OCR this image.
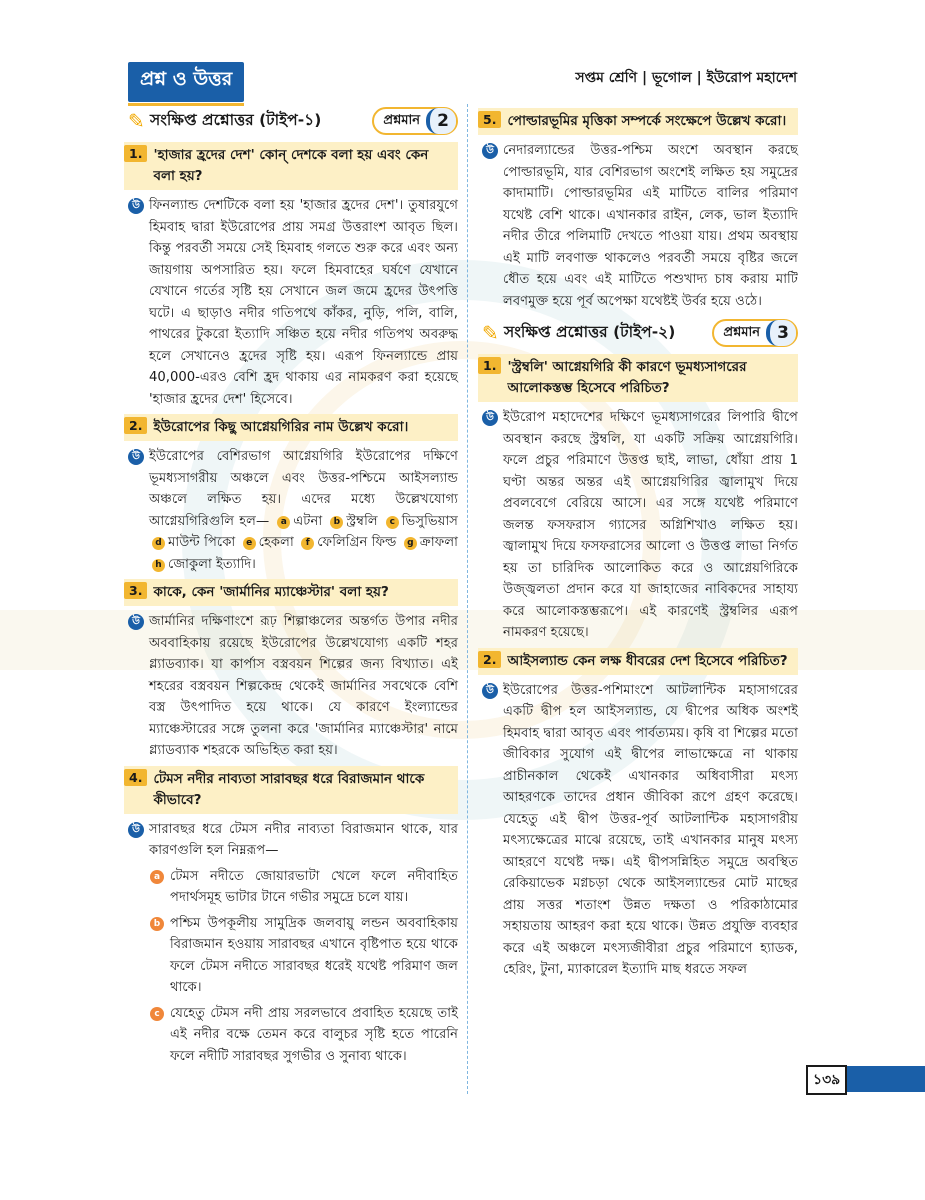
প্রশ্ন ও উত্তর	সপ্তম শ্রেণি | ভূগোল | ইউরোপ মহাদেশ
✎ সংক্ষিপ্ত প্রশ্নোত্তর (টাইপ-১)	প্রশ্নমান	2
1. 'হাজার হ্রদের দেশ' কোন্ দেশকে বলা হয় এবং কেন বলা হয়?
উ ফিনল্যান্ড দেশটিকে বলা হয় 'হাজার হ্রদের দেশ'। তুষারযুগে হিমবাহ দ্বারা ইউরোপের প্রায় সমগ্র উত্তরাংশ আবৃত ছিল। কিন্তু পরবর্তী সময়ে সেই হিমবাহ গলতে শুরু করে এবং অন্য জায়গায় অপসারিত হয়। ফলে হিমবাহের ঘর্ষণে যেখানে যেখানে গর্তের সৃষ্টি হয় সেখানে জল জমে হ্রদের উৎপত্তি ঘটে। এ ছাড়াও নদীর গতিপথে কাঁকর, নুড়ি, পলি, বালি, পাথরের টুকরো ইত্যাদি সঞ্চিত হয়ে নদীর গতিপথ অবরুদ্ধ হলে সেখানেও হ্রদের সৃষ্টি হয়। এরূপ ফিনল্যান্ডে প্রায় 40,000-এরও বেশি হ্রদ থাকায় এর নামকরণ করা হয়েছে 'হাজার হ্রদের দেশ' হিসেবে।
2. ইউরোপের কিছু আগ্নেয়গিরির নাম উল্লেখ করো।
উ ইউরোপের বেশিরভাগ আগ্নেয়গিরি ইউরোপের দক্ষিণে ভূমধ্যসাগরীয় অঞ্চলে এবং উত্তর-পশ্চিমে আইসল্যান্ড অঞ্চলে লক্ষিত হয়। এদের মধ্যে উল্লেখযোগ্য আগ্নেয়গিরিগুলি হল— a এটনা b স্ট্রম্বলি c ভিসুভিয়াস d মাউন্ট পিকো e হেকলা f ফেলিগ্রিন ফিল্ড g ক্রাফলা h জোকুলা ইত্যাদি।
3. কাকে, কেন 'জার্মানির ম্যাঞ্চেস্টার' বলা হয়?
উ জার্মানির দক্ষিণাংশে রূঢ় শিল্পাঞ্চলের অন্তর্গত উপার নদীর অববাহিকায় রয়েছে ইউরোপের উল্লেখযোগ্য একটি শহর গ্ল্যাডব্যাক। যা কার্পাস বস্ত্রবয়ন শিল্পের জন্য বিখ্যাত। এই শহরের বস্ত্রবয়ন শিল্পকেন্দ্র থেকেই জার্মানির সবথেকে বেশি বস্ত্র উৎপাদিত হয়ে থাকে। যে কারণে ইংল্যান্ডের ম্যাঞ্চেস্টারের সঙ্গে তুলনা করে 'জার্মানির ম্যাঞ্চেস্টার' নামে গ্ল্যাডব্যাক শহরকে অভিহিত করা হয়।
4. টেমস নদীর নাব্যতা সারাবছর ধরে বিরাজমান থাকে কীভাবে?
উ সারাবছর ধরে টেমস নদীর নাব্যতা বিরাজমান থাকে, যার কারণগুলি হল নিম্নরূপ—
a টেমস নদীতে জোয়ারভাটা খেলে ফলে নদীবাহিত পদার্থসমূহ ভাটার টানে গভীর সমুদ্রে চলে যায়।
b পশ্চিম উপকূলীয় সামুদ্রিক জলবায়ু লন্ডন অববাহিকায় বিরাজমান হওয়ায় সারাবছর এখানে বৃষ্টিপাত হয়ে থাকে ফলে টেমস নদীতে সারাবছর ধরেই যথেষ্ট পরিমাণ জল থাকে।
c যেহেতু টেমস নদী প্রায় সরলভাবে প্রবাহিত হয়েছে তাই এই নদীর বক্ষে তেমন করে বালুচর সৃষ্টি হতে পারেনি ফলে নদীটি সারাবছর সুগভীর ও সুনাব্য থাকে।
5. পোল্ডারভূমির মৃত্তিকা সম্পর্কে সংক্ষেপে উল্লেখ করো।
উ নেদারল্যান্ডের উত্তর-পশ্চিম অংশে অবস্থান করছে পোল্ডারভূমি, যার বেশিরভাগ অংশেই লক্ষিত হয় সমুদ্রের কাদামাটি। পোল্ডারভূমির এই মাটিতে বালির পরিমাণ যথেষ্ট বেশি থাকে। এখানকার রাইন, লেক, ভাল ইত্যাদি নদীর তীরে পলিমাটি দেখতে পাওয়া যায়। প্রথম অবস্থায় এই মাটি লবণাক্ত থাকলেও পরবর্তী সময়ে বৃষ্টির জলে ধৌত হয়ে এবং এই মাটিতে পশুখাদ্য চাষ করায় মাটি লবণমুক্ত হয়ে পূর্ব অপেক্ষা যথেষ্টই উর্বর হয়ে ওঠে।
✎ সংক্ষিপ্ত প্রশ্নোত্তর (টাইপ-২)	প্রশ্নমান	3
1. 'স্ট্রম্বলি' আগ্নেয়গিরি কী কারণে ভূমধ্যসাগরের আলোকস্তম্ভ হিসেবে পরিচিত?
উ ইউরোপ মহাদেশের দক্ষিণে ভূমধ্যসাগরের লিপারি দ্বীপে অবস্থান করছে স্ট্রম্বলি, যা একটি সক্রিয় আগ্নেয়গিরি। ফলে প্রচুর পরিমাণে উত্তপ্ত ছাই, লাভা, ধোঁয়া প্রায় 1 ঘণ্টা অন্তর অন্তর এই আগ্নেয়গিরির জ্বালামুখ দিয়ে প্রবলবেগে বেরিয়ে আসে। এর সঙ্গে যথেষ্ট পরিমাণে জলন্ত ফসফরাস গ্যাসের অগ্নিশিখাও লক্ষিত হয়। জ্বালামুখ দিয়ে ফসফরাসের আলো ও উত্তপ্ত লাভা নির্গত হয় তা চারিদিক আলোকিত করে ও আগ্নেয়গিরিকে উজ্জ্বলতা প্রদান করে যা জাহাজের নাবিকদের সাহায্য করে আলোকস্তম্ভরূপে। এই কারণেই স্ট্রম্বলির এরূপ নামকরণ হয়েছে।
2. আইসল্যান্ড কেন লক্ষ ধীবরের দেশ হিসেবে পরিচিত?
উ ইউরোপের উত্তর-পশিমাংশে আটলান্টিক মহাসাগরের একটি দ্বীপ হল আইসল্যান্ড, যে দ্বীপের অধিক অংশই হিমবাহ দ্বারা আবৃত এবং পার্বত্যময়। কৃষি বা শিল্পের মতো জীবিকার সুযোগ এই দ্বীপের লাভাক্ষেত্রে না থাকায় প্রাচীনকাল থেকেই এখানকার অধিবাসীরা মৎস্য আহরণকে তাদের প্রধান জীবিকা রূপে গ্রহণ করেছে। যেহেতু এই দ্বীপ উত্তর-পূর্ব আটলান্টিক মহাসাগরীয় মৎস্যক্ষেত্রের মাঝে রয়েছে, তাই এখানকার মানুষ মৎস্য আহরণে যথেষ্ট দক্ষ। এই দ্বীপসন্নিহিত সমুদ্রে অবস্থিত রেকিয়াভেক মগ্নচড়া থেকে আইসল্যান্ডের মোট মাছের প্রায় সত্তর শতাংশ উন্নত দক্ষতা ও পরিকাঠামোর সহায়তায় আহরণ করা হয়ে থাকে। উন্নত প্রযুক্তি ব্যবহার করে এই অঞ্চলে মৎস্যজীবীরা প্রচুর পরিমাণে হ্যাডক, হেরিং, টুনা, ম্যাকারেল ইত্যাদি মাছ ধরতে সফল
১৩৯
